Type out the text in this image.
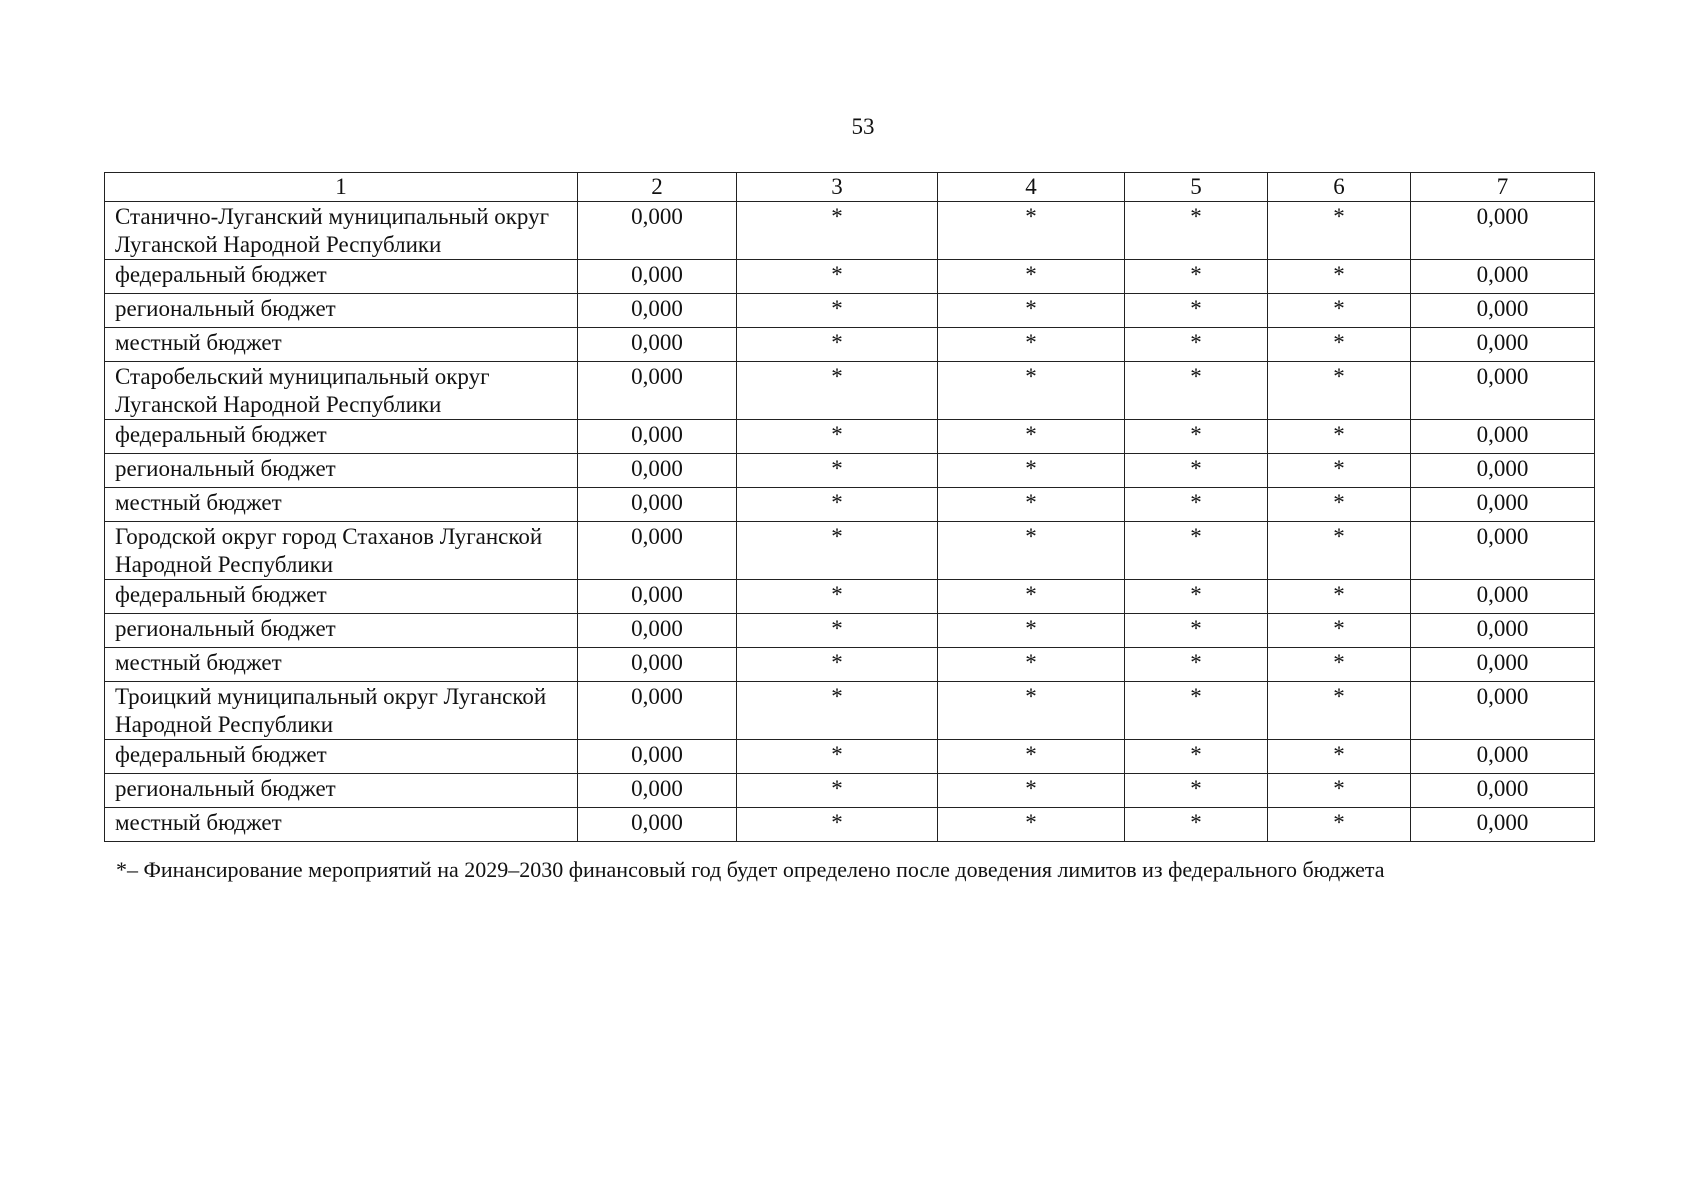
53
1	2	3	4	5	6	7

Станично-Луганский муниципальный округ Луганской Народной Республики	0,000	*	*	*	*	0,000

федеральный бюджет	0,000	*	*	*	*	0,000

региональный бюджет	0,000	*	*	*	*	0,000

местный бюджет	0,000	*	*	*	*	0,000

Старобельский муниципальный округ Луганской Народной Республики	0,000	*	*	*	*	0,000

федеральный бюджет	0,000	*	*	*	*	0,000

региональный бюджет	0,000	*	*	*	*	0,000

местный бюджет	0,000	*	*	*	*	0,000

Городской округ город Стаханов Луганской Народной Республики	0,000	*	*	*	*	0,000

федеральный бюджет	0,000	*	*	*	*	0,000

региональный бюджет	0,000	*	*	*	*	0,000

местный бюджет	0,000	*	*	*	*	0,000

Троицкий муниципальный округ Луганской Народной Республики	0,000	*	*	*	*	0,000

федеральный бюджет	0,000	*	*	*	*	0,000

региональный бюджет	0,000	*	*	*	*	0,000

местный бюджет	0,000	*	*	*	*	0,000
*– Финансирование мероприятий на 2029–2030 финансовый год будет определено после доведения лимитов из федерального бюджета
